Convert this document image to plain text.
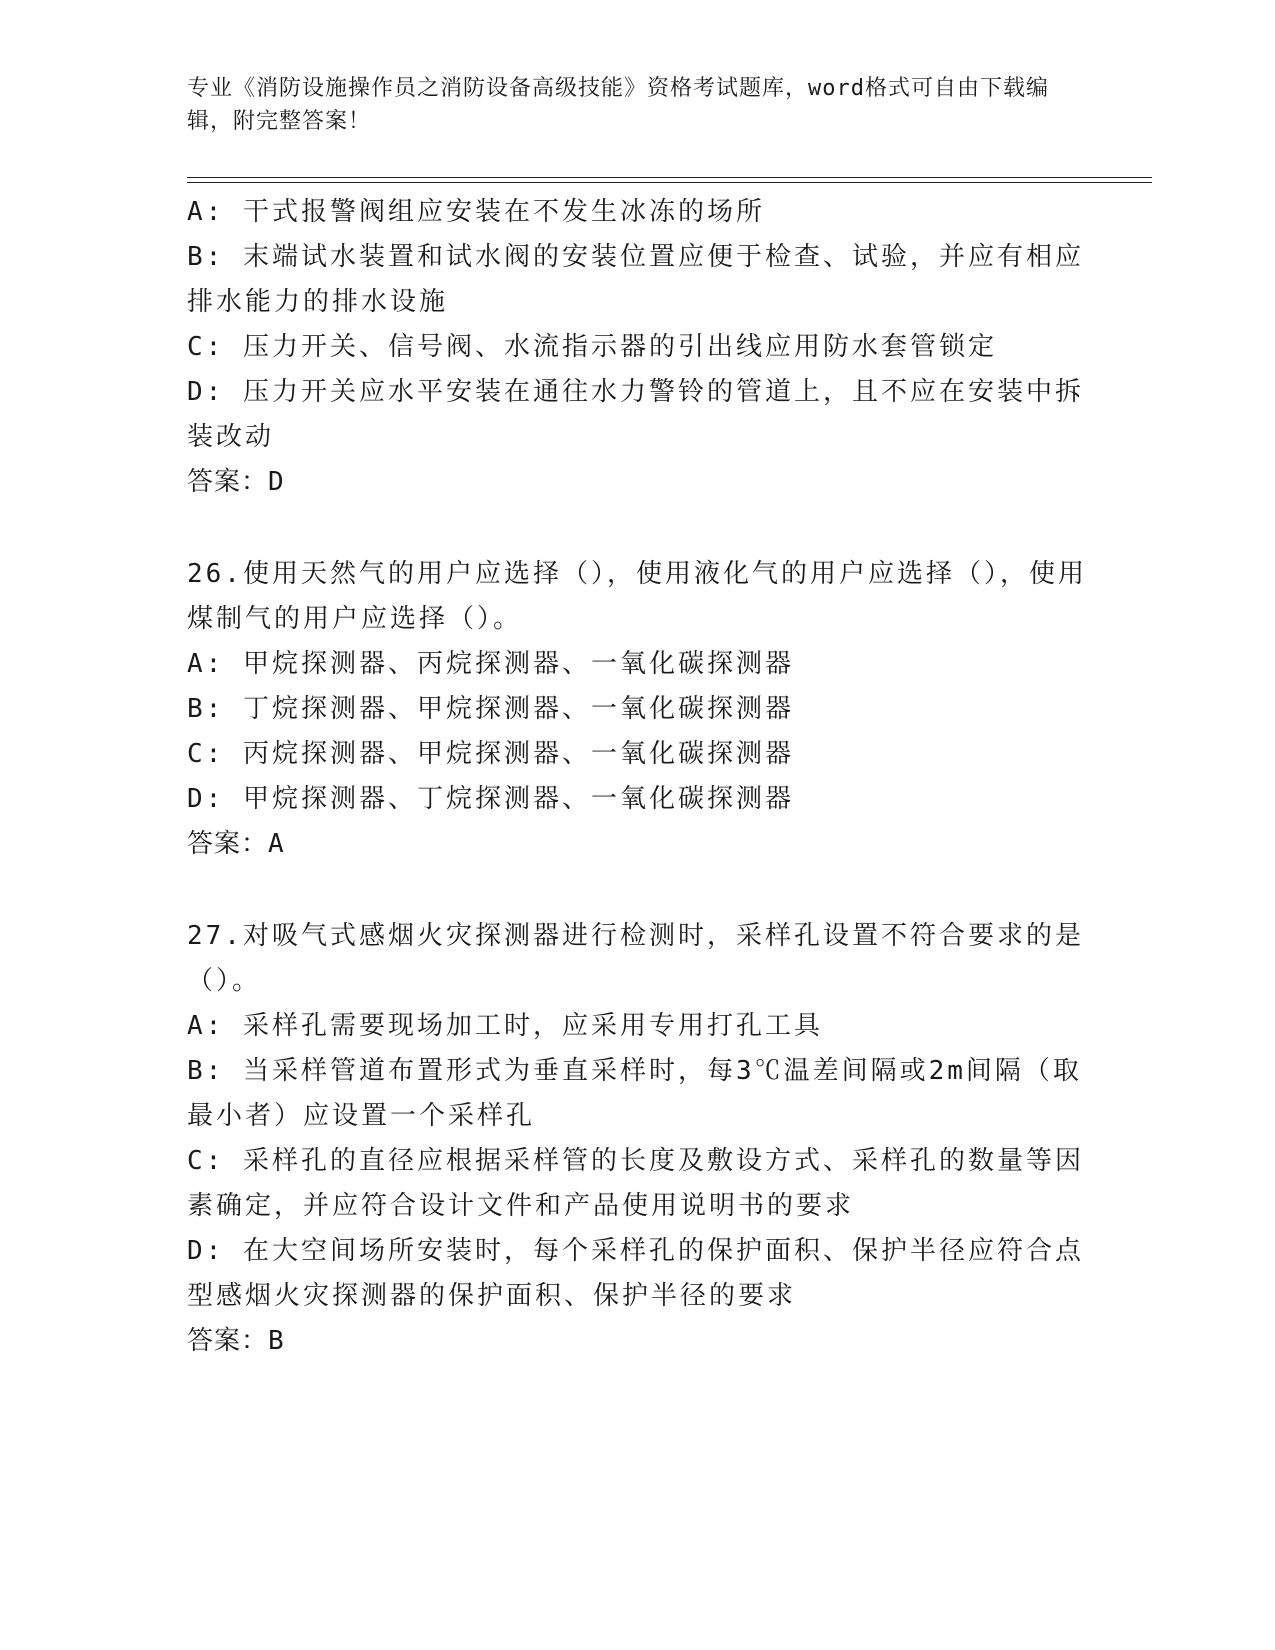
专业《消防设施操作员之消防设备高级技能》资格考试题库，word格式可自由下载编辑，附完整答案！

A: 干式报警阀组应安装在不发生冰冻的场所

B: 末端试水装置和试水阀的安装位置应便于检查、试验，并应有相应排水能力的排水设施

C: 压力开关、信号阀、水流指示器的引出线应用防水套管锁定

D: 压力开关应水平安装在通往水力警铃的管道上，且不应在安装中拆装改动

答案：D

26.使用天然气的用户应选择（），使用液化气的用户应选择（），使用煤制气的用户应选择（）。

A: 甲烷探测器、丙烷探测器、一氧化碳探测器

B: 丁烷探测器、甲烷探测器、一氧化碳探测器

C: 丙烷探测器、甲烷探测器、一氧化碳探测器

D: 甲烷探测器、丁烷探测器、一氧化碳探测器

答案：A

27.对吸气式感烟火灾探测器进行检测时，采样孔设置不符合要求的是（）。

A: 采样孔需要现场加工时，应采用专用打孔工具

B: 当采样管道布置形式为垂直采样时，每3℃温差间隔或2m间隔（取最小者）应设置一个采样孔

C: 采样孔的直径应根据采样管的长度及敷设方式、采样孔的数量等因素确定，并应符合设计文件和产品使用说明书的要求

D: 在大空间场所安装时，每个采样孔的保护面积、保护半径应符合点型感烟火灾探测器的保护面积、保护半径的要求

答案：B
